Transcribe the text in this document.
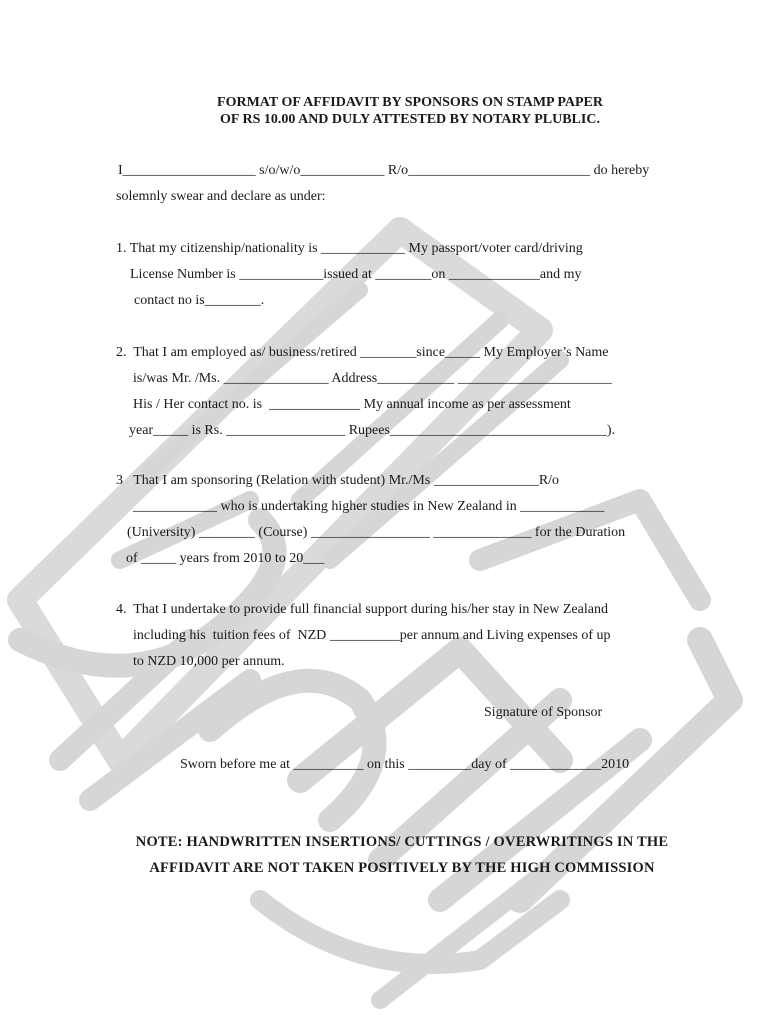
FORMAT OF AFFIDAVIT BY SPONSORS ON STAMP PAPER
OF RS 10.00 AND DULY ATTESTED BY NOTARY PLUBLIC.
I___________________ s/o/w/o____________ R/o__________________________ do hereby
solemnly swear and declare as under:
1. That my citizenship/nationality is ____________ My passport/voter card/driving
License Number is ____________issued at ________on _____________and my
contact no is________.
2.  That I am employed as/ business/retired ________since_____ My Employer’s Name
is/was Mr. /Ms. _______________ Address___________ ______________________
His / Her contact no. is  _____________ My annual income as per assessment
year_____ is Rs. _________________ Rupees_______________________________).
3   That I am sponsoring (Relation with student) Mr./Ms _______________R/o
____________ who is undertaking higher studies in New Zealand in ____________
(University) ________ (Course) _________________ ______________ for the Duration
of _____ years from 2010 to 20___
4.  That I undertake to provide full financial support during his/her stay in New Zealand
including his  tuition fees of  NZD __________per annum and Living expenses of up
to NZD 10,000 per annum.
Signature of Sponsor
Sworn before me at __________ on this _________day of _____________2010
NOTE: HANDWRITTEN INSERTIONS/ CUTTINGS / OVERWRITINGS IN THE
AFFIDAVIT ARE NOT TAKEN POSITIVELY BY THE HIGH COMMISSION
